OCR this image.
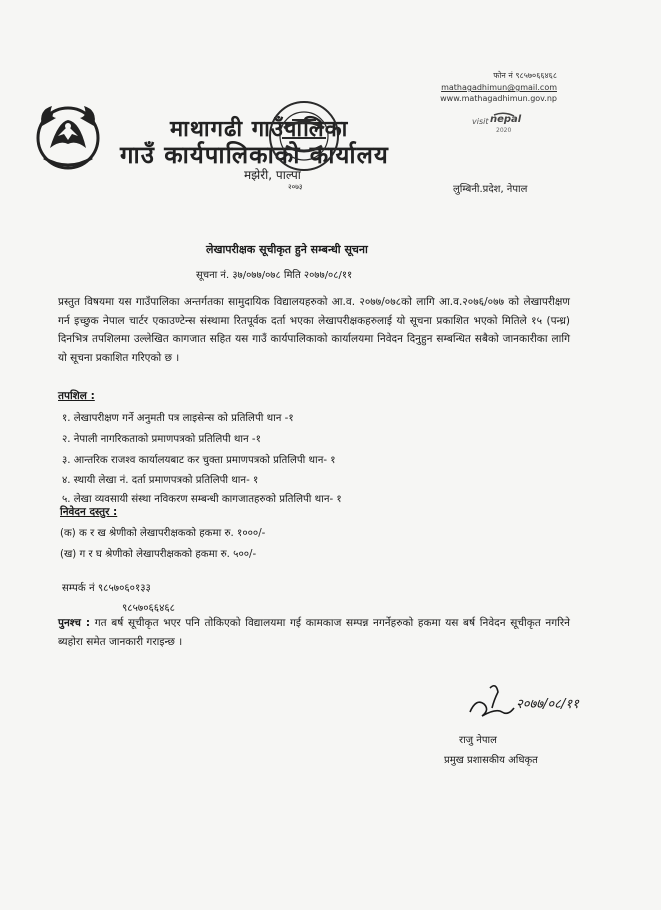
फोन नं ९८५७०६६४६८
mathagadhimun@gmail.com
www.mathagadhimun.gov.np
माथागढी गाउँपालिका
गाउँ कार्यपालिकाको कार्यालय
मझेरी, पाल्पा
२०७३
visit nepal
2020
लुम्बिनी.प्रदेश, नेपाल
लेखापरीक्षक सूचीकृत हुने सम्बन्धी सूचना
सूचना नं. ३७/०७७/०७८ मिति २०७७/०८/११
प्रस्तुत विषयमा यस गाउँपालिका अन्तर्गतका सामुदायिक विद्यालयहरुको आ.व. २०७७/०७८को लागि आ.व.२०७६/०७७ को लेखापरीक्षण गर्न इच्छुक नेपाल चार्टर एकाउण्टेन्स संस्थामा रितपूर्वक दर्ता भएका लेखापरीक्षकहरुलाई यो सूचना प्रकाशित भएको मितिले १५ (पन्ध्र) दिनभित्र तपशिलमा उल्लेखित कागजात सहित यस गाउँ कार्यपालिकाको कार्यालयमा निवेदन दिनुहुन सम्बन्धित सबैको जानकारीका लागि यो सूचना प्रकाशित गरिएको छ ।
तपशिल :
१. लेखापरीक्षण गर्ने अनुमती पत्र लाइसेन्स को प्रतिलिपी थान -१
२. नेपाली नागरिकताको प्रमाणपत्रको प्रतिलिपी थान -१
३. आन्तरिक राजश्व कार्यालयबाट कर चुक्ता प्रमाणपत्रको प्रतिलिपी थान- १
४. स्थायी लेखा नं. दर्ता प्रमाणपत्रको प्रतिलिपी थान- १
५. लेखा व्यवसायी संस्था नविकरण सम्बन्धी कागजातहरुको प्रतिलिपी थान- १
निवेदन दस्तुर :
(क) क र ख श्रेणीको लेखापरीक्षकको हकमा रु. १०००/-
(ख) ग र घ श्रेणीको लेखापरीक्षकको हकमा रु. ५००/-
सम्पर्क नं ९८५७०६०१३३
९८५७०६६४६८
पुनश्च : गत बर्ष सूचीकृत भएर पनि तोकिएको विद्यालयमा गई कामकाज सम्पन्न नगर्नेहरुको हकमा यस बर्ष निवेदन सूचीकृत नगरिने ब्यहोरा समेत जानकारी गराइन्छ ।
२०७७/०८/११
राजु नेपाल
प्रमुख प्रशासकीय अधिकृत
